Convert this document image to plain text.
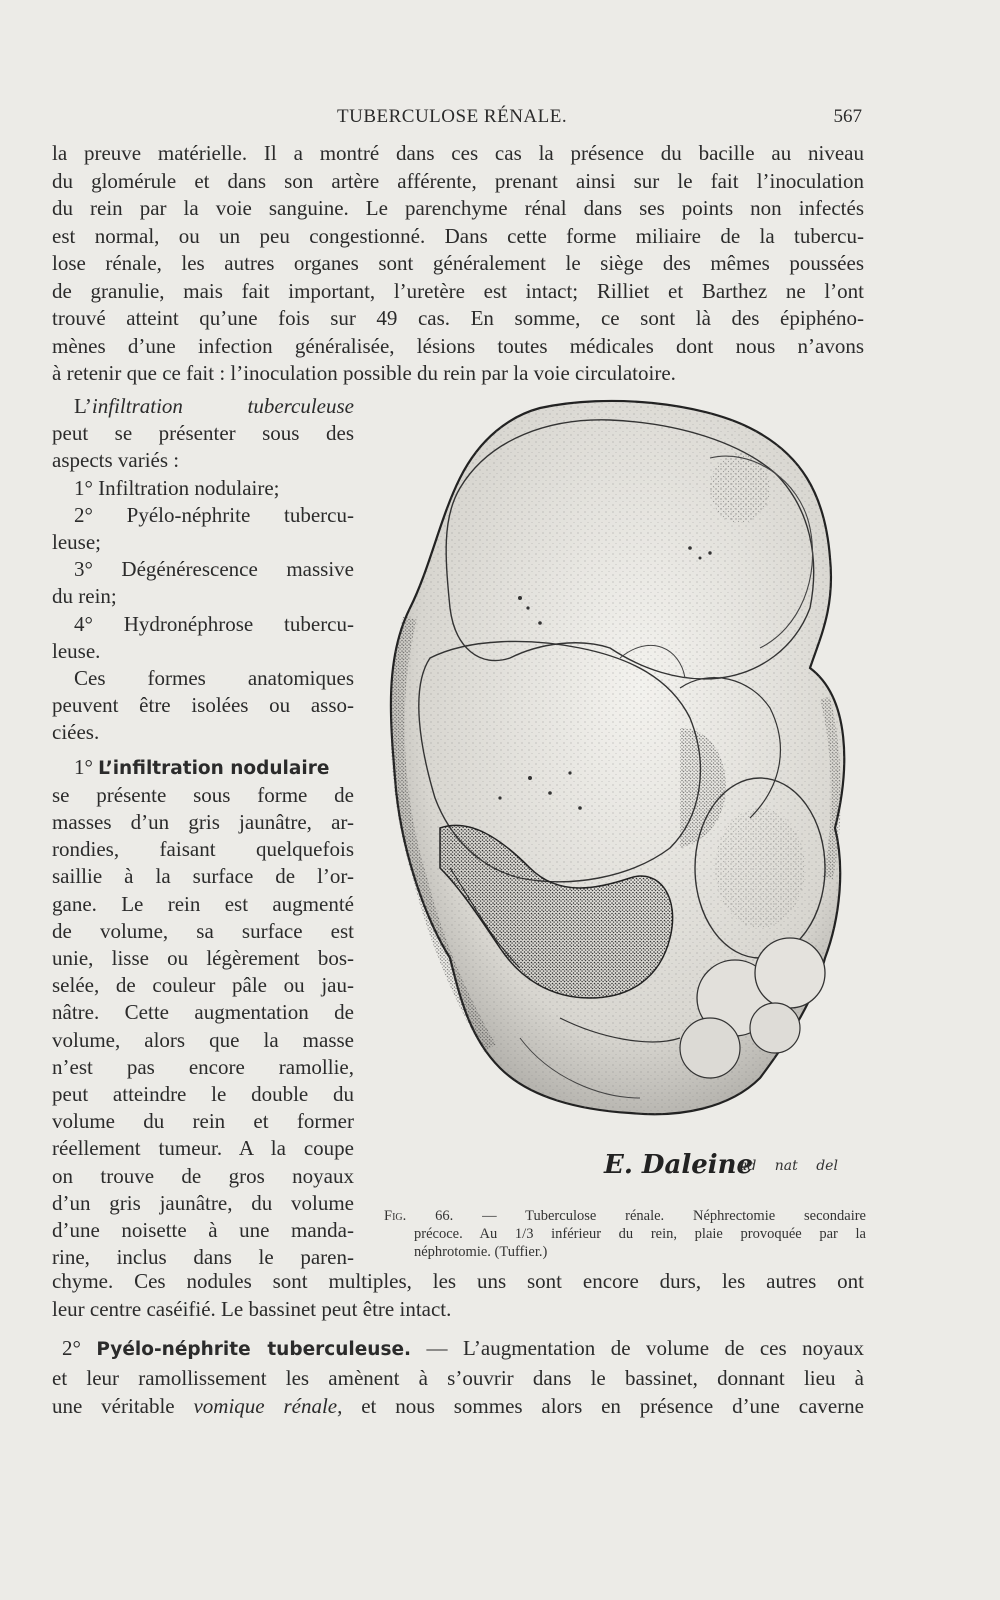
TUBERCULOSE RÉNALE.	567
la preuve matérielle. Il a montré dans ces cas la présence du bacille au niveau
du glomérule et dans son artère afférente, prenant ainsi sur le fait l’inoculation
du rein par la voie sanguine. Le parenchyme rénal dans ses points non infectés
est normal, ou un peu congestionné. Dans cette forme miliaire de la tubercu-
lose rénale, les autres organes sont généralement le siège des mêmes poussées
de granulie, mais fait important, l’uretère est intact; Rilliet et Barthez ne l’ont
trouvé atteint qu’une fois sur 49 cas. En somme, ce sont là des épiphéno-
mènes d’une infection généralisée, lésions toutes médicales dont nous n’avons
à retenir que ce fait : l’inoculation possible du rein par la voie circulatoire.
L’infiltration tuberculeuse
peut se présenter sous des
aspects variés :
1° Infiltration nodulaire;
2° Pyélo-néphrite tubercu-
leuse;
3° Dégénérescence massive
du rein;
4° Hydronéphrose tubercu-
leuse.
Ces formes anatomiques
peuvent être isolées ou asso-
ciées.
1° L’infiltration nodulaire
se présente sous forme de
masses d’un gris jaunâtre, ar-
rondies, faisant quelquefois
saillie à la surface de l’or-
gane. Le rein est augmenté
de volume, sa surface est
unie, lisse ou légèrement bos-
selée, de couleur pâle ou jau-
nâtre. Cette augmentation de
volume, alors que la masse
n’est pas encore ramollie,
peut atteindre le double du
volume du rein et former
réellement tumeur. A la coupe
on trouve de gros noyaux
d’un gris jaunâtre, du volume
d’une noisette à une manda-
rine, inclus dans le paren-
E. Daleine
ad nat del
Fig. 66. — Tuberculose rénale. Néphrectomie secondaire
précoce. Au 1/3 inférieur du rein, plaie provoquée par la
néphrotomie. (Tuffier.)
chyme. Ces nodules sont multiples, les uns sont encore durs, les autres ont
leur centre caséifié. Le bassinet peut être intact.
2° Pyélo-néphrite tuberculeuse. — L’augmentation de volume de ces noyaux
et leur ramollissement les amènent à s’ouvrir dans le bassinet, donnant lieu à
une véritable vomique rénale, et nous sommes alors en présence d’une caverne
